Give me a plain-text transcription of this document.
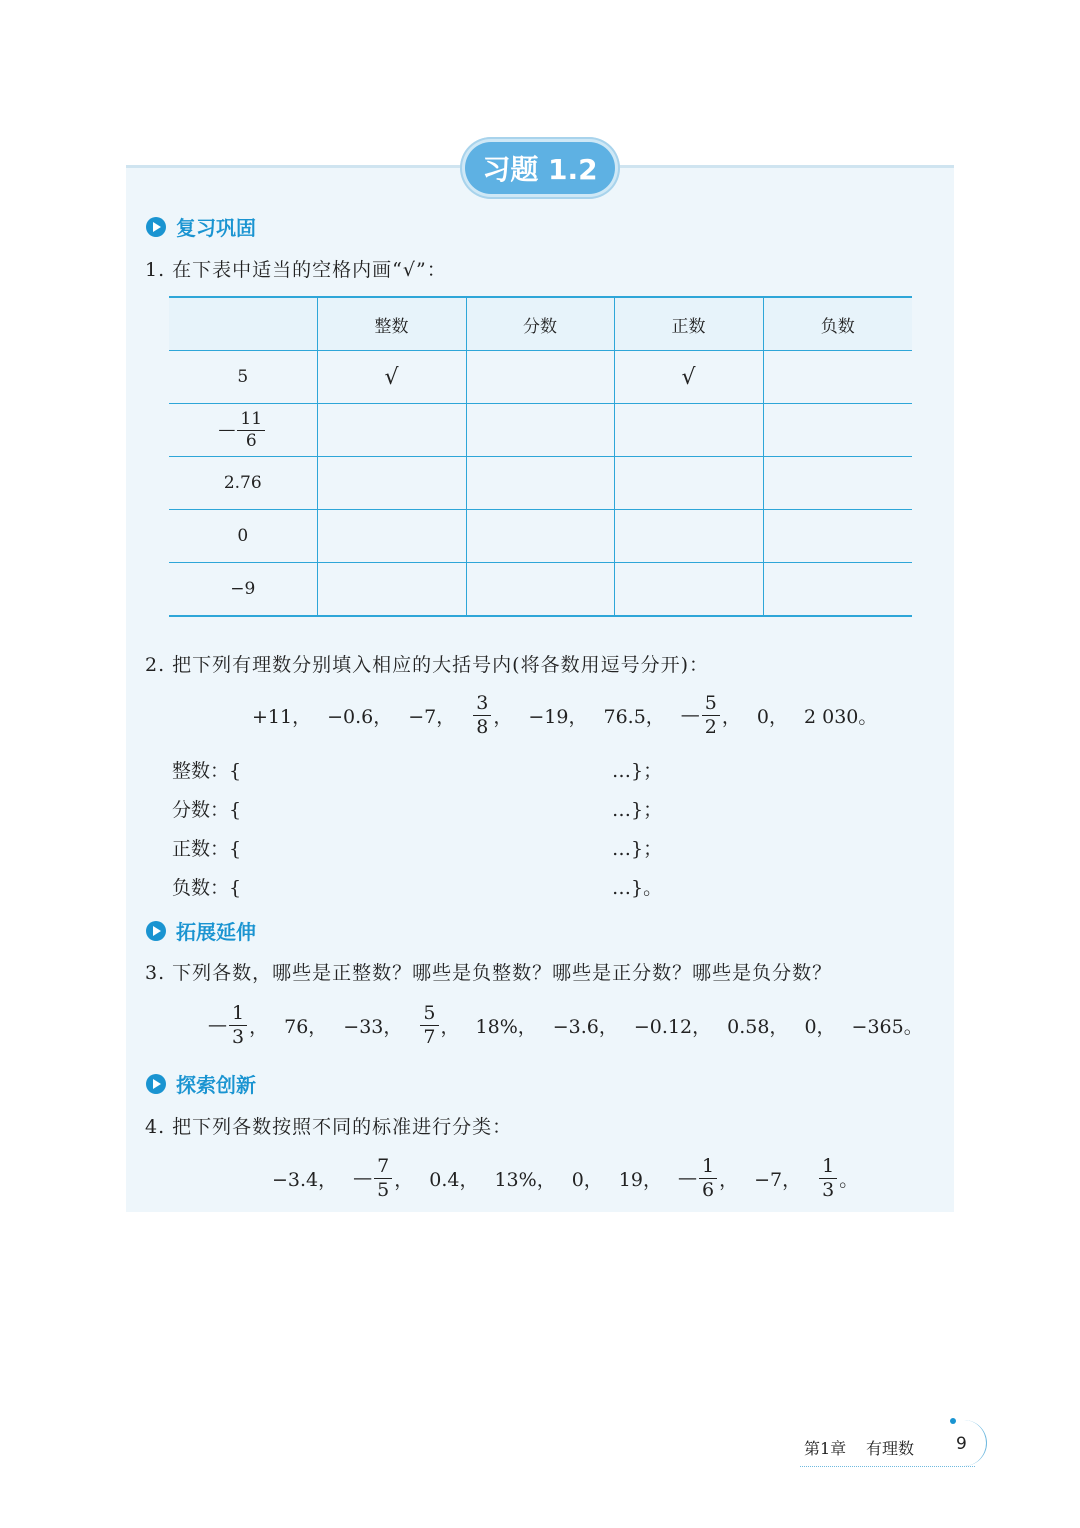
习题 1.2
复习巩固
1. 在下表中适当的空格内画“√”：
	整数	分数	正数	负数
5	√		√	
— $\frac{11}{6}$

2.76				
0				
−9				
2. 把下列有理数分别填入相应的大括号内(将各数用逗号分开)：
+11， −0.6， −7， $\frac{3}{8}$ ， −19， 76.5， — $\frac{5}{2}$ ， 0， 2 030。
整数：{	…}；
分数：{	…}；
正数：{	…}；
负数：{	…}。
拓展延伸
3. 下列各数，哪些是正整数？哪些是负整数？哪些是正分数？哪些是负分数？
— $\frac{1}{3}$ ， 76， −33， $\frac{5}{7}$ ， 18%， −3.6， −0.12， 0.58， 0， −365。
探索创新
4. 把下列各数按照不同的标准进行分类：
−3.4， — $\frac{7}{5}$ ， 0.4， 13%， 0， 19， — $\frac{1}{6}$ ， −7， $\frac{1}{3}$ 。
第1章 有理数 9
